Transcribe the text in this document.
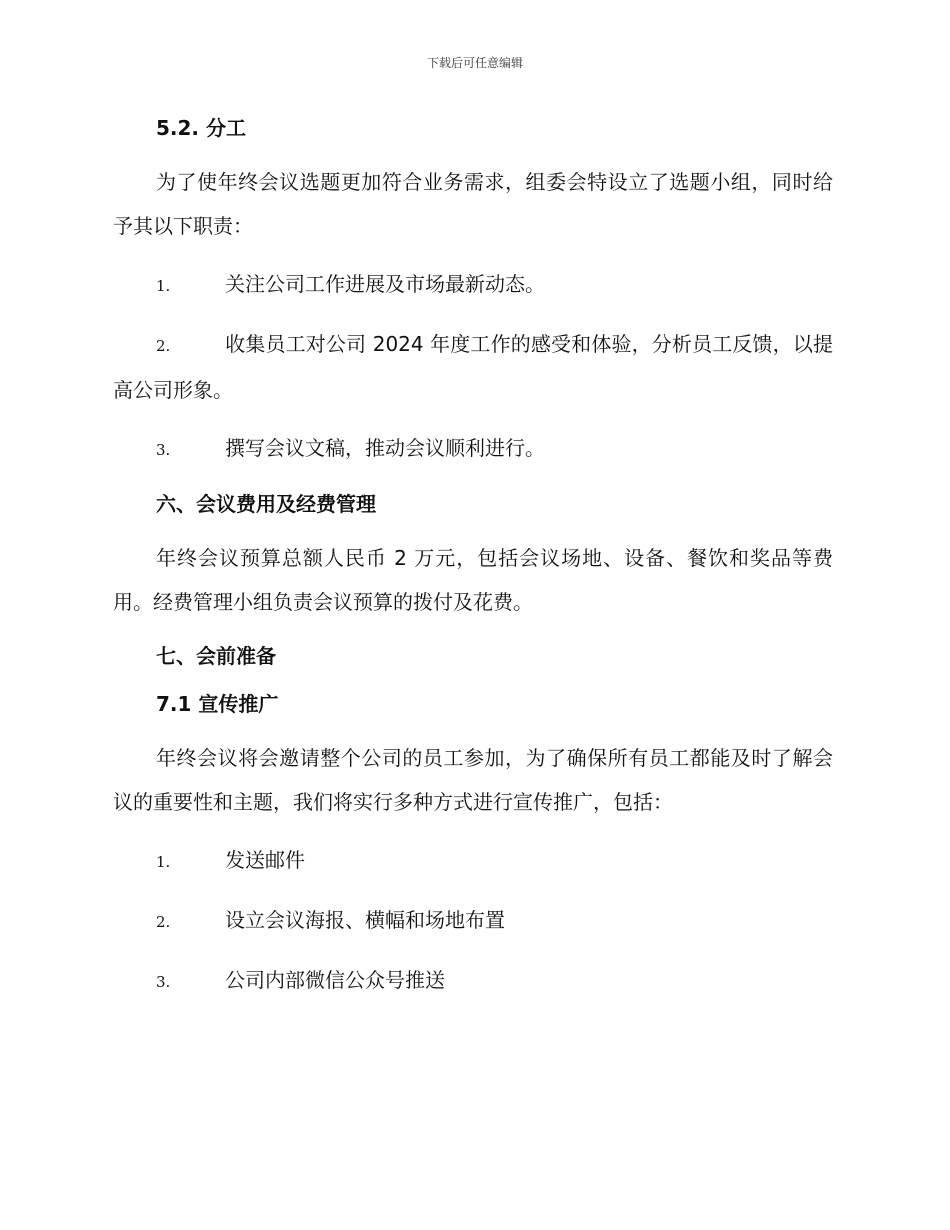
下载后可任意编辑
5.2. 分工

为了使年终会议选题更加符合业务需求，组委会特设立了选题小组，同时给予其以下职责：

1.	关注公司工作进展及市场最新动态。

2.	收集员工对公司 2024 年度工作的感受和体验，分析员工反馈，以提高公司形象。

3.	撰写会议文稿，推动会议顺利进行。

六、会议费用及经费管理

年终会议预算总额人民币 2 万元，包括会议场地、设备、餐饮和奖品等费用。经费管理小组负责会议预算的拨付及花费。

七、会前准备
7.1 宣传推广

年终会议将会邀请整个公司的员工参加，为了确保所有员工都能及时了解会议的重要性和主题，我们将实行多种方式进行宣传推广，包括：

1.	发送邮件

2.	设立会议海报、横幅和场地布置

3.	公司内部微信公众号推送
